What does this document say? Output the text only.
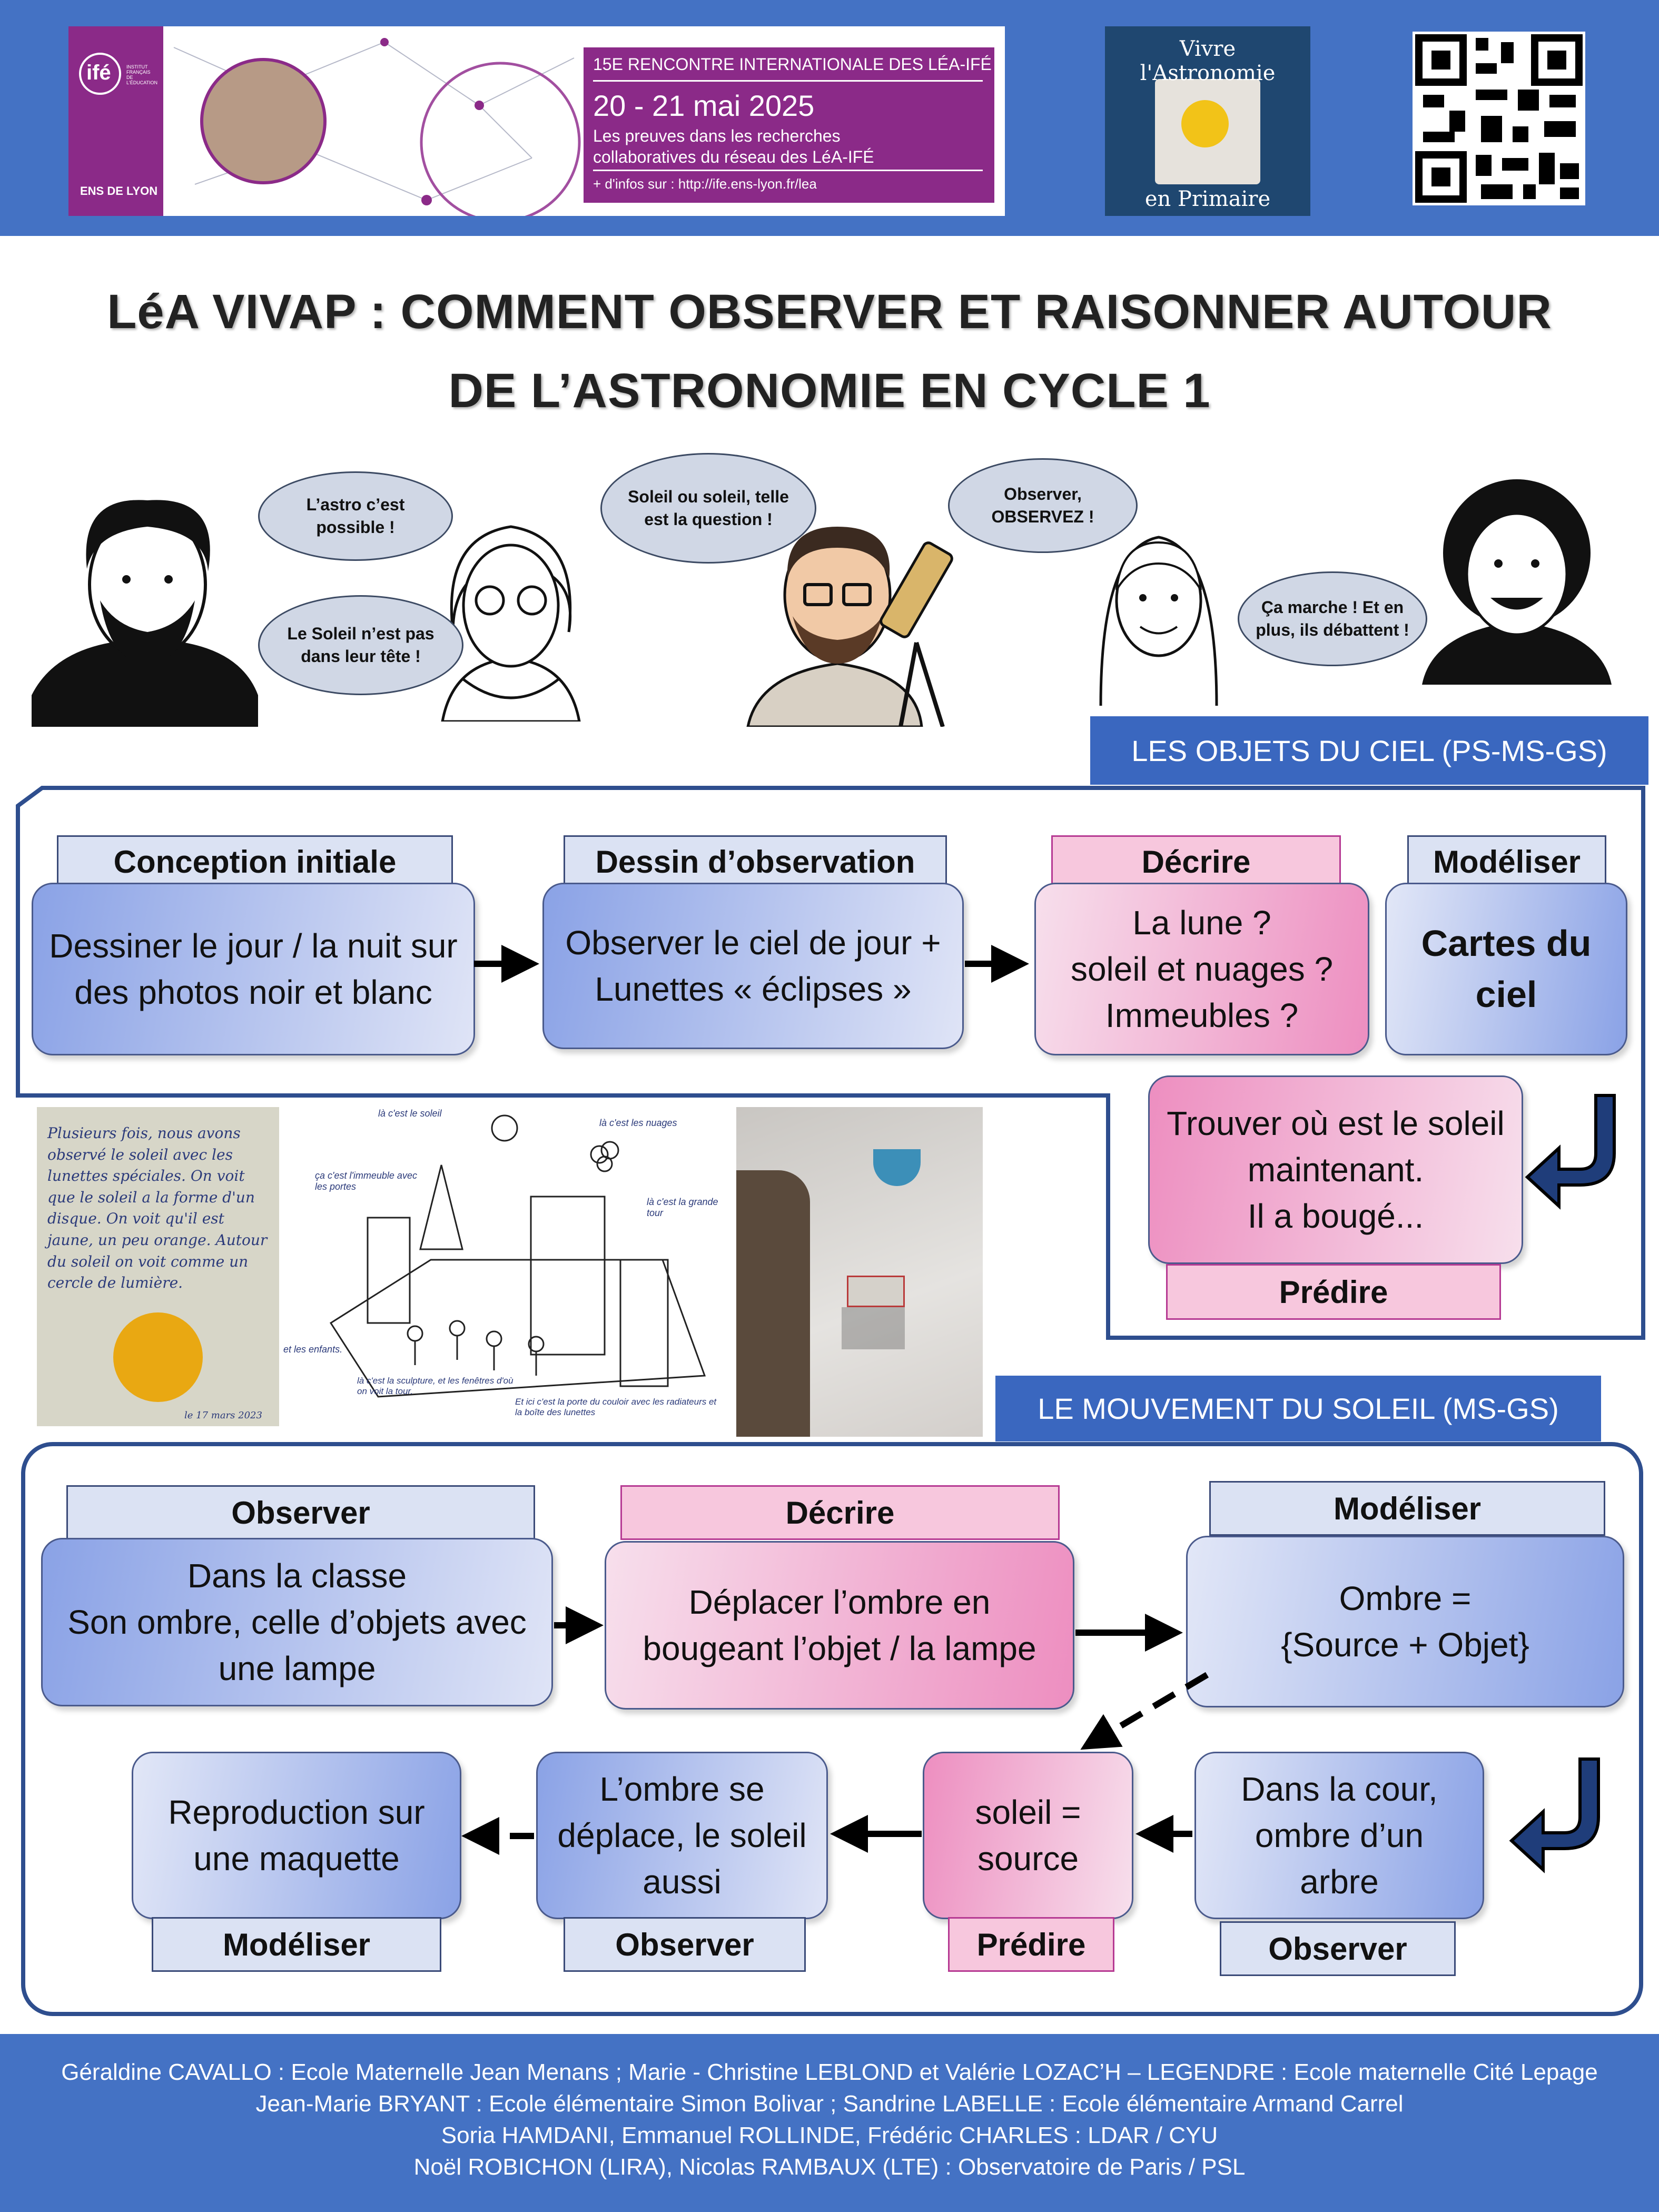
ifé	INSTITUT FRANÇAIS DE L'ÉDUCATION
ENS DE LYON
15E RENCONTRE INTERNATIONALE DES LÉA-IFÉ
20 - 21 mai 2025
Les preuves dans les recherches
collaboratives du réseau des LéA-IFÉ
+ d'infos sur : http://ife.ens-lyon.fr/lea
Vivre l'Astronomie
en Primaire
LéA VIVAP : COMMENT OBSERVER ET RAISONNER AUTOUR
DE L’ASTRONOMIE EN CYCLE 1
L’astro c’est possible !
Le Soleil n’est pas dans leur tête !
Soleil ou soleil, telle est la question !
Observer, OBSERVEZ !
Ça marche ! Et en plus, ils débattent !
LES OBJETS DU CIEL (PS-MS-GS)
Conception initiale	Dessin d’observation	Décrire	Modéliser
Dessiner le jour / la nuit sur des photos noir et blanc
Observer le ciel de jour + Lunettes « éclipses »
La lune ?
soleil et nuages ?
Immeubles ?
Cartes du ciel
Trouver où est le soleil maintenant.
Il a bougé...
Prédire
Plusieurs fois, nous avons observé le soleil avec les lunettes spéciales. On voit que le soleil a la forme d'un disque. On voit qu'il est jaune, un peu orange. Autour du soleil on voit comme un cercle de lumière.
le 17 mars 2023
là c'est le soleil
là c'est les nuages
ça c'est l'immeuble avec les portes
là c'est la grande tour
et les enfants.
là c'est la sculpture, et les fenêtres d'où on voit la tour.
Et ici c'est la porte du couloir avec les radiateurs et la boîte des lunettes	LE MOUVEMENT DU SOLEIL (MS-GS)
Observer	Décrire	Modéliser
Dans la classe
Son ombre, celle d’objets avec une lampe
Déplacer l’ombre en bougeant l’objet / la lampe
Ombre =
{Source + Objet}
Reproduction sur une maquette
L’ombre se déplace, le soleil aussi
soleil =
source
Dans la cour, ombre d’un arbre
Modéliser	Observer	Prédire	Observer
Géraldine CAVALLO : Ecole Maternelle Jean Menans ; Marie - Christine LEBLOND et Valérie LOZAC’H – LEGENDRE : Ecole maternelle Cité Lepage
Jean-Marie BRYANT : Ecole élémentaire Simon Bolivar ; Sandrine LABELLE : Ecole élémentaire Armand Carrel
Soria HAMDANI, Emmanuel ROLLINDE, Frédéric CHARLES : LDAR / CYU
Noël ROBICHON (LIRA), Nicolas RAMBAUX (LTE) : Observatoire de Paris / PSL
